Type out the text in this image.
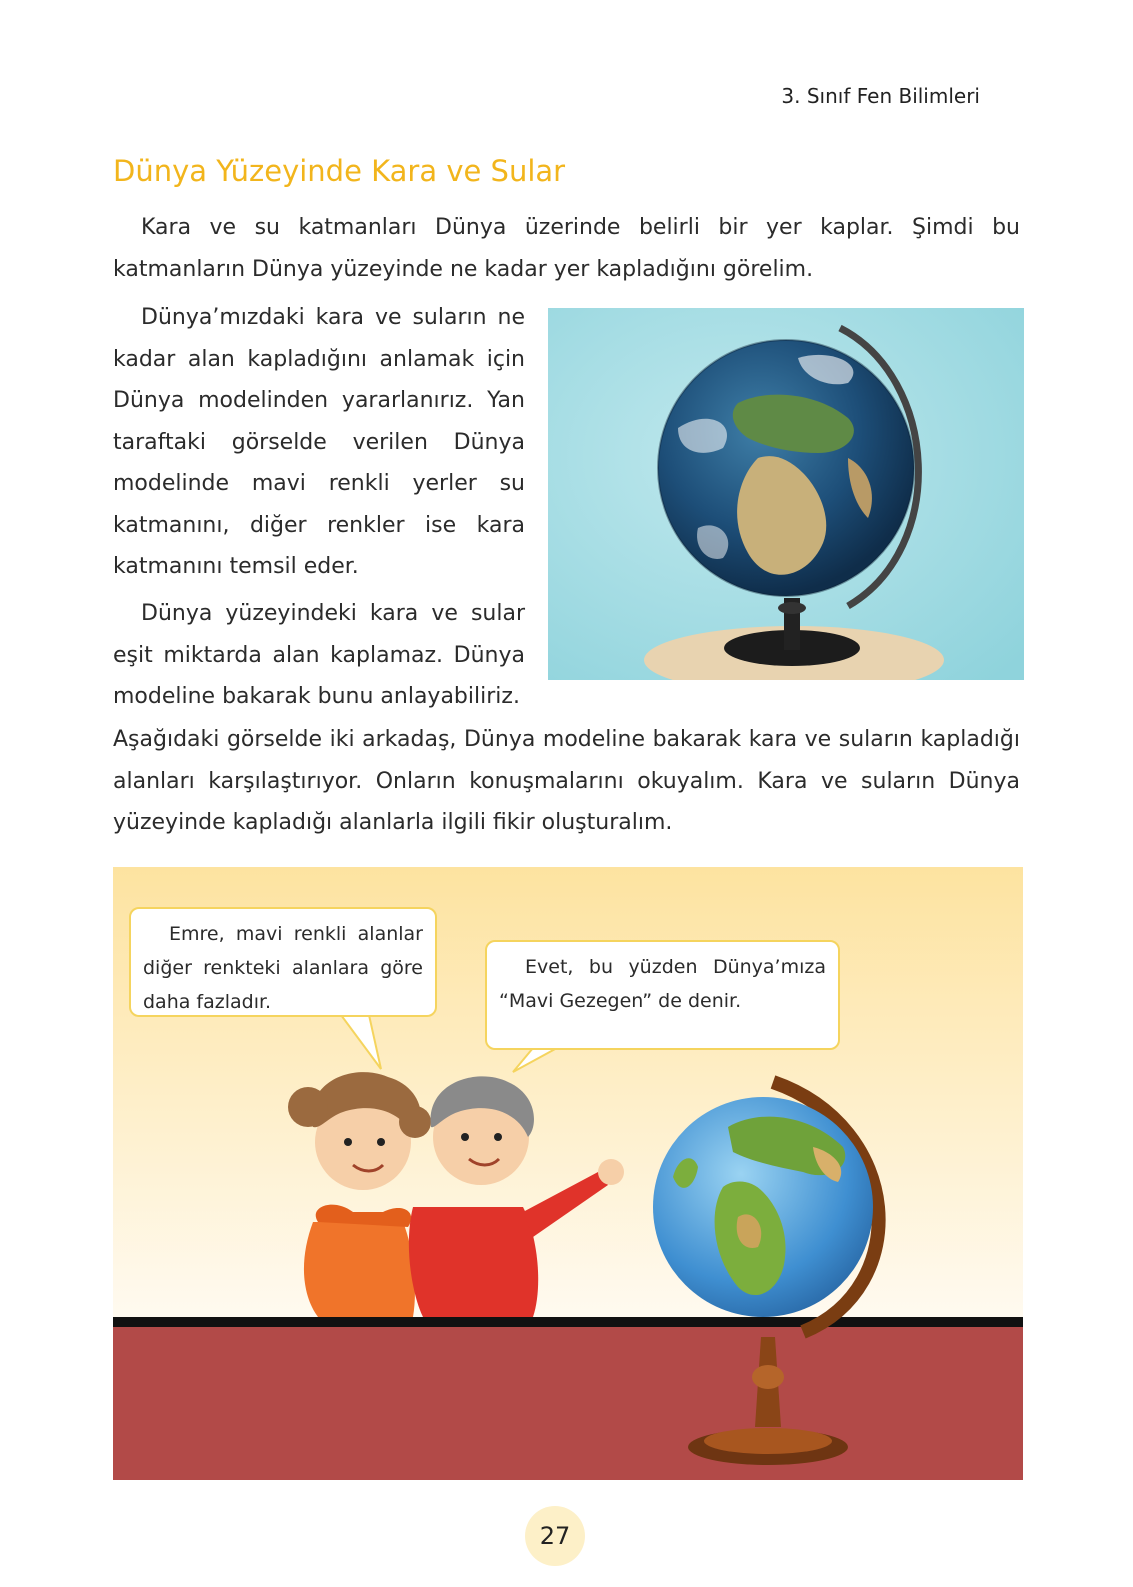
3. Sınıf Fen Bilimleri
Dünya Yüzeyinde Kara ve Sular

Kara ve su katmanları Dünya üzerinde belirli bir yer kaplar. Şimdi bu katmanların Dünya yüzeyinde ne kadar yer kapladığını görelim.

Dünya’mızdaki kara ve suların ne kadar alan kapladığını anlamak için Dünya modelinden yararlanırız. Yan taraftaki görselde verilen Dünya modelinde mavi renkli yerler su katmanını, diğer renkler ise kara katmanını temsil eder.

Dünya yüzeyindeki kara ve sular eşit miktarda alan kaplamaz. Dünya modeline bakarak bunu anlayabiliriz.

Aşağıdaki görselde iki arkadaş, Dünya modeline bakarak kara ve suların kapladığı alanları karşılaştırıyor. Onların konuşmalarını okuyalım. Kara ve suların Dünya yüzeyinde kapladığı alanlarla ilgili fikir oluşturalım.

Emre, mavi renkli alanlar diğer renkteki alanlara göre daha fazladır.
Evet, bu yüzden Dünya’mıza “Mavi Gezegen” de denir.
27
